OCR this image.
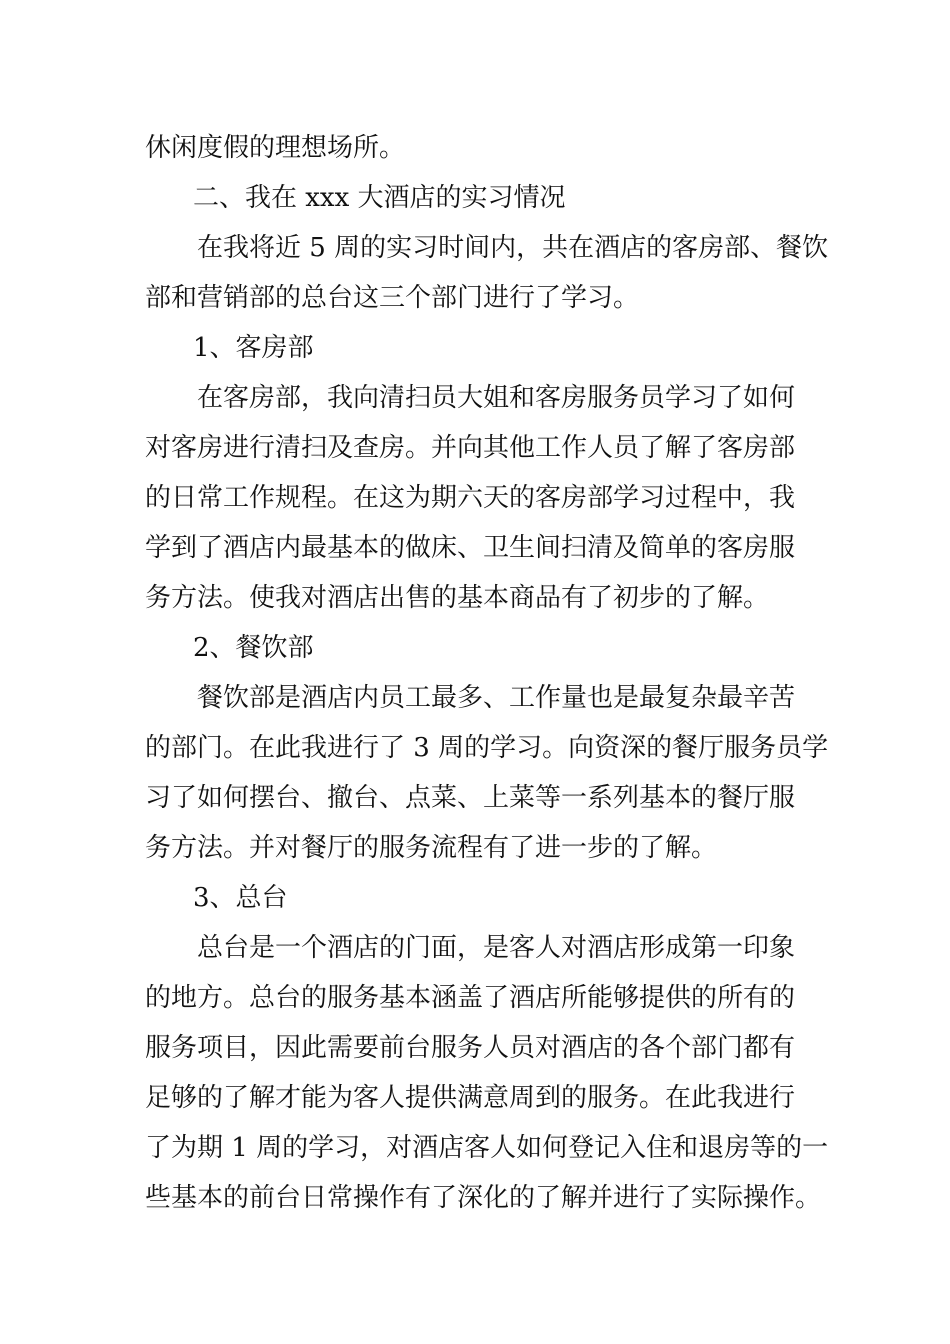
休闲度假的理想场所。
二、我在 xxx 大酒店的实习情况
在我将近 5 周的实习时间内，共在酒店的客房部、餐饮
部和营销部的总台这三个部门进行了学习。
1、客房部
在客房部，我向清扫员大姐和客房服务员学习了如何
对客房进行清扫及查房。并向其他工作人员了解了客房部
的日常工作规程。在这为期六天的客房部学习过程中，我
学到了酒店内最基本的做床、卫生间扫清及简单的客房服
务方法。使我对酒店出售的基本商品有了初步的了解。
2、餐饮部
餐饮部是酒店内员工最多、工作量也是最复杂最辛苦
的部门。在此我进行了 3 周的学习。向资深的餐厅服务员学
习了如何摆台、撤台、点菜、上菜等一系列基本的餐厅服
务方法。并对餐厅的服务流程有了进一步的了解。
3、总台
总台是一个酒店的门面，是客人对酒店形成第一印象
的地方。总台的服务基本涵盖了酒店所能够提供的所有的
服务项目，因此需要前台服务人员对酒店的各个部门都有
足够的了解才能为客人提供满意周到的服务。在此我进行
了为期 1 周的学习，对酒店客人如何登记入住和退房等的一
些基本的前台日常操作有了深化的了解并进行了实际操作。
